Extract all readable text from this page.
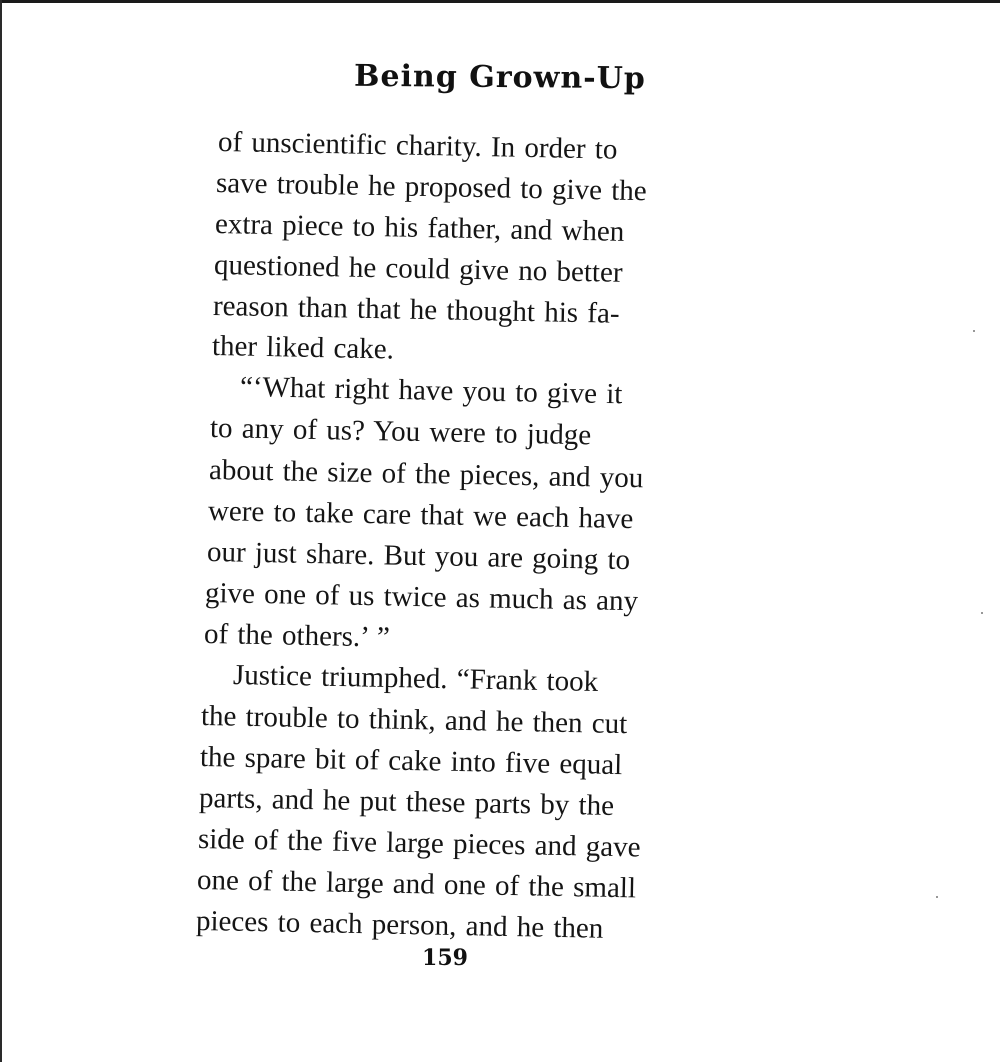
Being Grown-Up
of unscientific charity. In order to
save trouble he proposed to give the
extra piece to his father, and when
questioned he could give no better
reason than that he thought his fa-
ther liked cake.
“‘What right have you to give it
to any of us? You were to judge
about the size of the pieces, and you
were to take care that we each have
our just share. But you are going to
give one of us twice as much as any
of the others.’ ”
Justice triumphed. “Frank took
the trouble to think, and he then cut
the spare bit of cake into five equal
parts, and he put these parts by the
side of the five large pieces and gave
one of the large and one of the small
pieces to each person, and he then
159
